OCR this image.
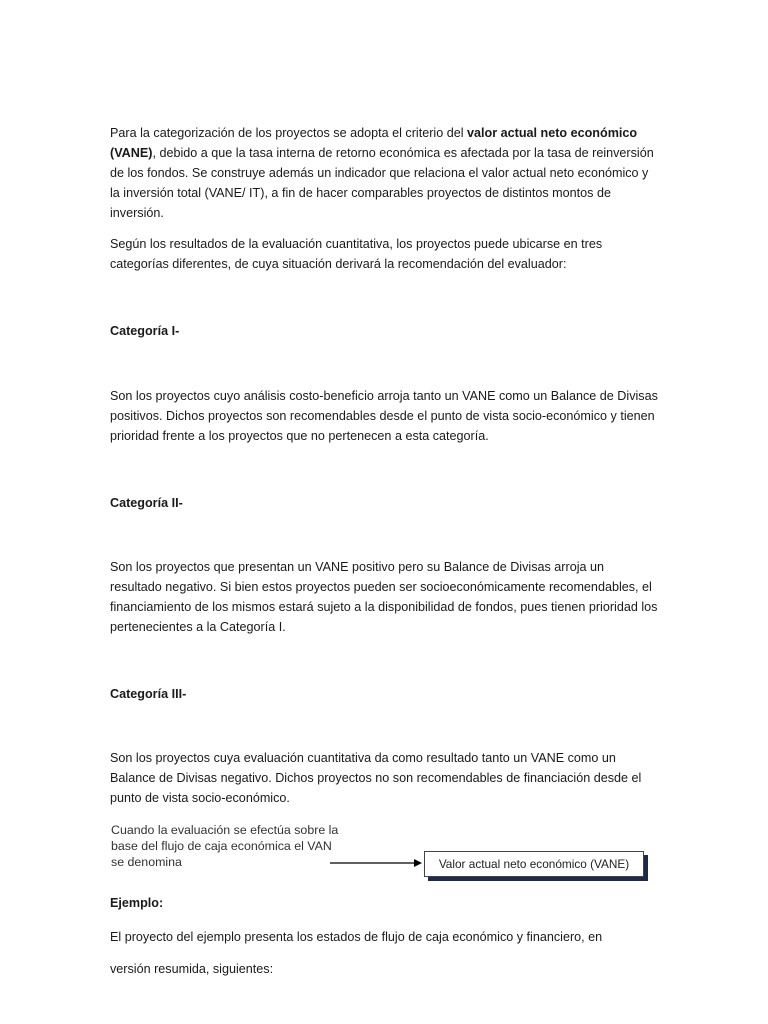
Para la categorización de los proyectos se adopta el criterio del valor actual neto económico (VANE), debido a que la tasa interna de retorno económica es afectada por la tasa de reinversión de los fondos. Se construye además un indicador que relaciona el valor actual neto económico y la inversión total (VANE/ IT), a fin de hacer comparables proyectos de distintos montos de inversión.

Según los resultados de la evaluación cuantitativa, los proyectos puede ubicarse en tres categorías diferentes, de cuya situación derivará la recomendación del evaluador:

Categoría I-

Son los proyectos cuyo análisis costo-beneficio arroja tanto un VANE como un Balance de Divisas positivos. Dichos proyectos son recomendables desde el punto de vista socio-económico y tienen prioridad frente a los proyectos que no pertenecen a esta categoría.

Categoría II-

Son los proyectos que presentan un VANE positivo pero su Balance de Divisas arroja un resultado negativo. Si bien estos proyectos pueden ser socioeconómicamente recomendables, el financiamiento de los mismos estará sujeto a la disponibilidad de fondos, pues tienen prioridad los pertenecientes a la Categoría I.

Categoría III-

Son los proyectos cuya evaluación cuantitativa da como resultado tanto un VANE como un Balance de Divisas negativo. Dichos proyectos no son recomendables de financiación desde el punto de vista socio-económico.

Cuando la evaluación se efectúa sobre la base del flujo de caja económica el VAN se denomina	Valor actual neto económico (VANE)

Ejemplo:

El proyecto del ejemplo presenta los estados de flujo de caja económico y financiero, en

versión resumida, siguientes:
